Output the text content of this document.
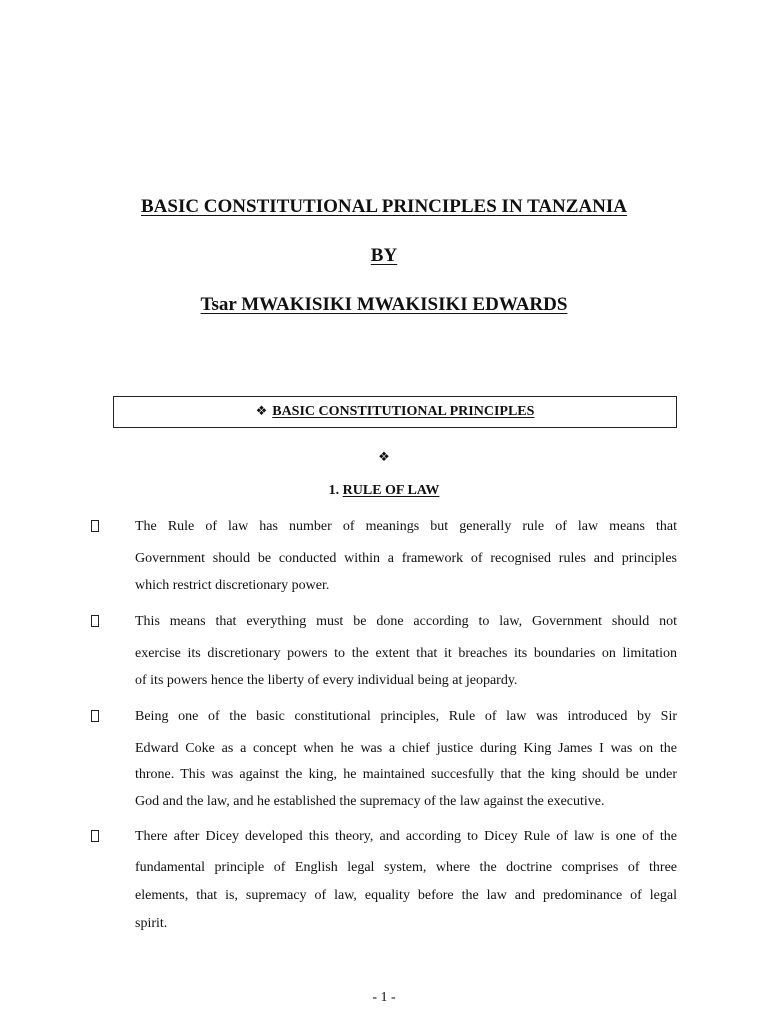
BASIC CONSTITUTIONAL PRINCIPLES IN TANZANIA
BY
Tsar MWAKISIKI MWAKISIKI EDWARDS
❖ BASIC CONSTITUTIONAL PRINCIPLES
❖
1. RULE OF LAW
The Rule of law has number of meanings but generally rule of law means that
Government should be conducted within a framework of recognised rules and principles
which restrict discretionary power.
This means that everything must be done according to law, Government should not
exercise its discretionary powers to the extent that it breaches its boundaries on limitation
of its powers hence the liberty of every individual being at jeopardy.
Being one of the basic constitutional principles, Rule of law was introduced by Sir
Edward Coke as a concept when he was a chief justice during King James I was on the
throne. This was against the king, he maintained succesfully that the king should be under
God and the law, and he established the supremacy of the law against the executive.
There after Dicey developed this theory, and according to Dicey Rule of law is one of the
fundamental principle of English legal system, where the doctrine comprises of three
elements, that is, supremacy of law, equality before the law and predominance of legal
spirit.
- 1 -
